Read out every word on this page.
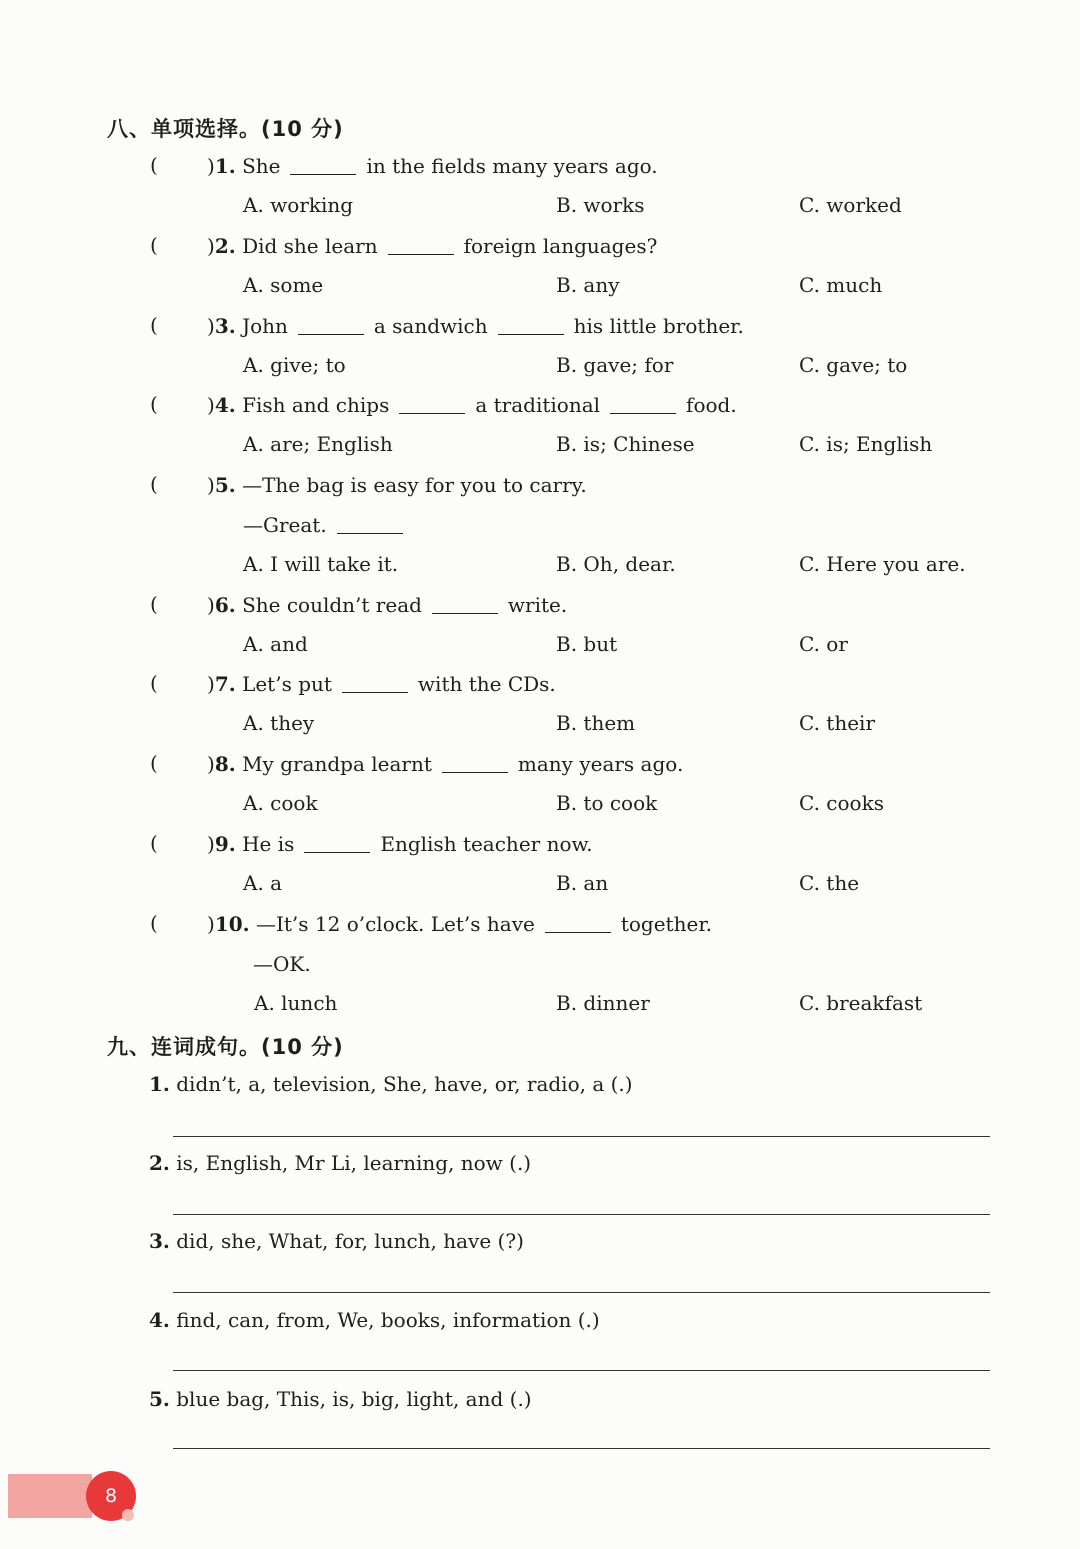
八、单项选择。(10 分)
( )1. She	in the fields many years ago.
A. working	B. works	C. worked
( )2. Did she learn	foreign languages?
A. some	B. any	C. much
( )3. John	a sandwich	his little brother.
A. give; to	B. gave; for	C. gave; to
( )4. Fish and chips	a traditional	food.
A. are; English	B. is; Chinese	C. is; English
( )5. —The bag is easy for you to carry.
—Great.
A. I will take it.	B. Oh, dear.	C. Here you are.
( )6. She couldn’t read	write.
A. and	B. but	C. or
( )7. Let’s put	with the CDs.
A. they	B. them	C. their
( )8. My grandpa learnt	many years ago.
A. cook	B. to cook	C. cooks
( )9. He is	English teacher now.
A. a	B. an	C. the
( )10. —It’s 12 o’clock. Let’s have	together.
—OK.
A. lunch	B. dinner	C. breakfast
九、连词成句。(10 分)
1. didn’t, a, television, She, have, or, radio, a (.)
2. is, English, Mr Li, learning, now (.)
3. did, she, What, for, lunch, have (?)
4. find, can, from, We, books, information (.)
5. blue bag, This, is, big, light, and (.)
8
